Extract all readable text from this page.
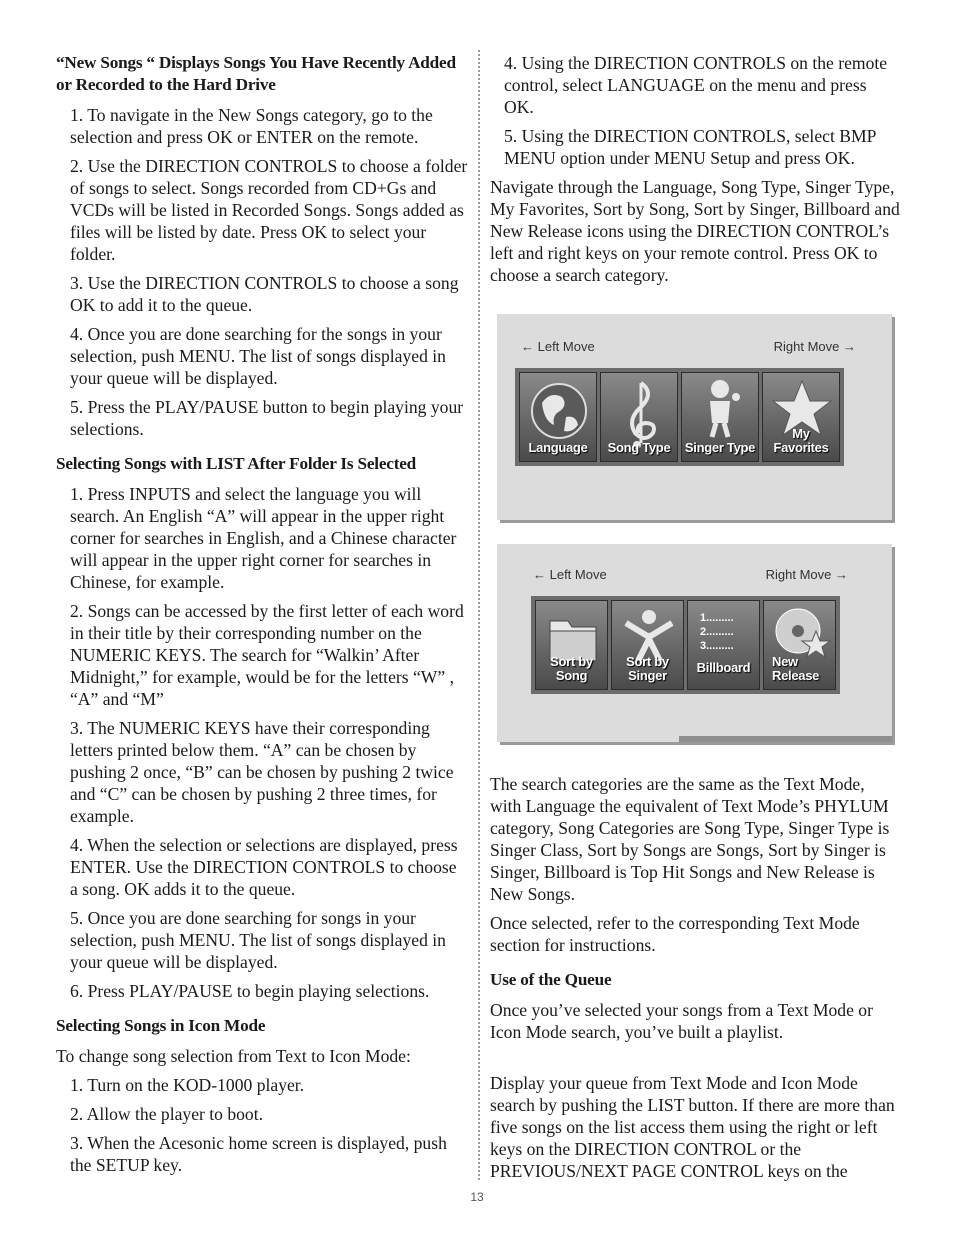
“New Songs “ Displays Songs You Have Recently Added or Recorded to the Hard Drive
1. To navigate in the New Songs category, go to the selection and press OK or ENTER on the remote.
2. Use the DIRECTION CONTROLS to choose a folder of songs to select. Songs recorded from CD+Gs and VCDs will be listed in Recorded Songs. Songs added as files will be listed by date. Press OK to select your folder.
3. Use the DIRECTION CONTROLS to choose a song OK to add it to the queue.
4. Once you are done searching for the songs in your selection, push MENU. The list of songs displayed in your queue will be displayed.
5. Press the PLAY/PAUSE button to begin playing your selections.
Selecting Songs with LIST After Folder Is Selected
1. Press INPUTS and select the language you will search. An English “A” will appear in the upper right corner for searches in English, and a Chinese character will appear in the upper right corner for searches in Chinese, for example.
2. Songs can be accessed by the first letter of each word in their title by their corresponding number on the NUMERIC KEYS. The search for “Walkin’ After Midnight,” for example, would be for the letters “W” , “A” and “M”
3. The NUMERIC KEYS have their corresponding letters printed below them. “A” can be chosen by pushing 2 once, “B” can be chosen by pushing 2 twice and “C” can be chosen by pushing 2 three times, for example.
4. When the selection or selections are displayed, press ENTER. Use the DIRECTION CONTROLS to choose a song. OK adds it to the queue.
5. Once you are done searching for songs in your selection, push MENU. The list of songs displayed in your queue will be displayed.
6. Press PLAY/PAUSE to begin playing selections.
Selecting Songs in Icon Mode
To change song selection from Text to Icon Mode:
1. Turn on the KOD-1000 player.
2. Allow the player to boot.
3. When the Acesonic home screen is displayed, push the SETUP key.
4. Using the DIRECTION CONTROLS on the remote control, select LANGUAGE on the menu and press OK.
5. Using the DIRECTION CONTROLS, select BMP MENU option under MENU Setup and press OK.
Navigate through the Language, Song Type, Singer Type, My Favorites, Sort by Song, Sort by Singer, Billboard and New Release icons using the DIRECTION CONTROL’s left and right keys on your remote control. Press OK to choose a search category.
← Left Move	Right Move →
Language	Song Type	Singer Type
My Favorites
← Left Move	Right Move →
Sort by Song
Sort by Singer
1.........
2.........
3.........
Billboard	New Release
The search categories are the same as the Text Mode, with Language the equivalent of Text Mode’s PHYLUM category, Song Categories are Song Type, Singer Type is Singer Class, Sort by Songs are Songs, Sort by Singer is Singer, Billboard is Top Hit Songs and New Release is New Songs.
Once selected, refer to the corresponding Text Mode section for instructions.
Use of the Queue
Once you’ve selected your songs from a Text Mode or Icon Mode search, you’ve built a playlist.
Display your queue from Text Mode and Icon Mode search by pushing the LIST button. If there are more than five songs on the list access them using the right or left keys on the DIRECTION CONTROL or the PREVIOUS/NEXT PAGE CONTROL keys on the
13
